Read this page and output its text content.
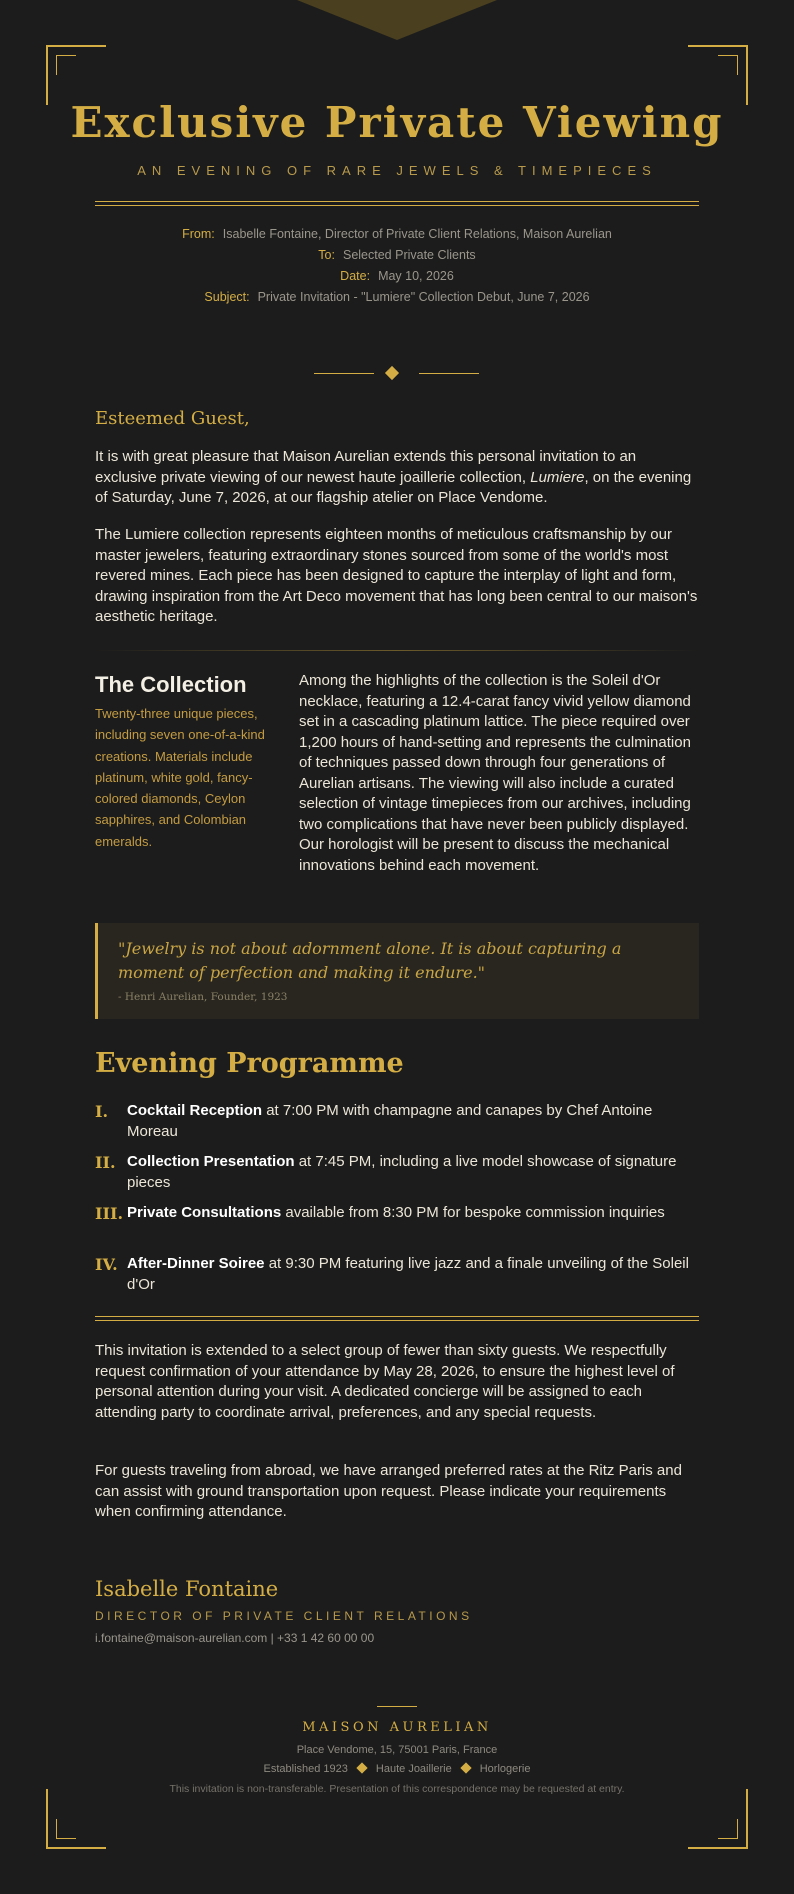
Exclusive Private Viewing
AN EVENING OF RARE JEWELS & TIMEPIECES
From: Isabelle Fontaine, Director of Private Client Relations, Maison Aurelian
To: Selected Private Clients
Date: May 10, 2026
Subject: Private Invitation - "Lumiere" Collection Debut, June 7, 2026
Esteemed Guest,

It is with great pleasure that Maison Aurelian extends this personal invitation to an exclusive private viewing of our newest haute joaillerie collection, Lumiere, on the evening of Saturday, June 7, 2026, at our flagship atelier on Place Vendome.

The Lumiere collection represents eighteen months of meticulous craftsmanship by our master jewelers, featuring extraordinary stones sourced from some of the world's most revered mines. Each piece has been designed to capture the interplay of light and form, drawing inspiration from the Art Deco movement that has long been central to our maison's aesthetic heritage.

The Collection

Twenty-three unique pieces, including seven one-of-a-kind creations. Materials include platinum, white gold, fancy-colored diamonds, Ceylon sapphires, and Colombian emeralds.

Among the highlights of the collection is the Soleil d'Or necklace, featuring a 12.4-carat fancy vivid yellow diamond set in a cascading platinum lattice. The piece required over 1,200 hours of hand-setting and represents the culmination of techniques passed down through four generations of Aurelian artisans. The viewing will also include a curated selection of vintage timepieces from our archives, including two complications that have never been publicly displayed. Our horologist will be present to discuss the mechanical innovations behind each movement.

"Jewelry is not about adornment alone. It is about capturing a moment of perfection and making it endure."

- Henri Aurelian, Founder, 1923

Evening Programme
I. Cocktail Reception at 7:00 PM with champagne and canapes by Chef Antoine Moreau

II. Collection Presentation at 7:45 PM, including a live model showcase of signature pieces

III. Private Consultations available from 8:30 PM for bespoke commission inquiries

IV. After-Dinner Soiree at 9:30 PM featuring live jazz and a finale unveiling of the Soleil d'Or

This invitation is extended to a select group of fewer than sixty guests. We respectfully request confirmation of your attendance by May 28, 2026, to ensure the highest level of personal attention during your visit. A dedicated concierge will be assigned to each attending party to coordinate arrival, preferences, and any special requests.

For guests traveling from abroad, we have arranged preferred rates at the Ritz Paris and can assist with ground transportation upon request. Please indicate your requirements when confirming attendance.

Isabelle Fontaine
DIRECTOR OF PRIVATE CLIENT RELATIONS
i.fontaine@maison-aurelian.com | +33 1 42 60 00 00
MAISON AURELIAN
Place Vendome, 15, 75001 Paris, France
Established 1923	Haute Joaillerie	Horlogerie
This invitation is non-transferable. Presentation of this correspondence may be requested at entry.
